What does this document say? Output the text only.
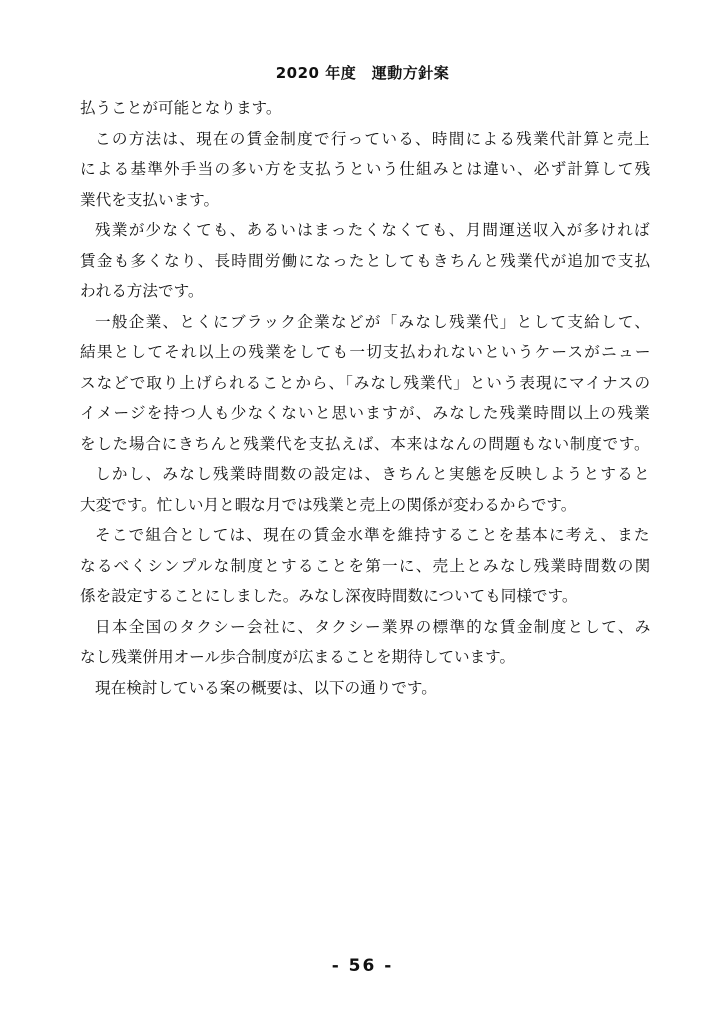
2020 年度　運動方針案
払うことが可能となります。
この方法は、現在の賃金制度で行っている、時間による残業代計算と売上
による基準外手当の多い方を支払うという仕組みとは違い、必ず計算して残
業代を支払います。
残業が少なくても、あるいはまったくなくても、月間運送収入が多ければ
賃金も多くなり、長時間労働になったとしてもきちんと残業代が追加で支払
われる方法です。
一般企業、とくにブラック企業などが「みなし残業代」として支給して、
結果としてそれ以上の残業をしても一切支払われないというケースがニュー
スなどで取り上げられることから、「みなし残業代」という表現にマイナスの
イメージを持つ人も少なくないと思いますが、みなした残業時間以上の残業
をした場合にきちんと残業代を支払えば、本来はなんの問題もない制度です。
しかし、みなし残業時間数の設定は、きちんと実態を反映しようとすると
大変です。忙しい月と暇な月では残業と売上の関係が変わるからです。
そこで組合としては、現在の賃金水準を維持することを基本に考え、また
なるべくシンプルな制度とすることを第一に、売上とみなし残業時間数の関
係を設定することにしました。みなし深夜時間数についても同様です。
日本全国のタクシー会社に、タクシー業界の標準的な賃金制度として、み
なし残業併用オール歩合制度が広まることを期待しています。
現在検討している案の概要は、以下の通りです。
- 56 -
